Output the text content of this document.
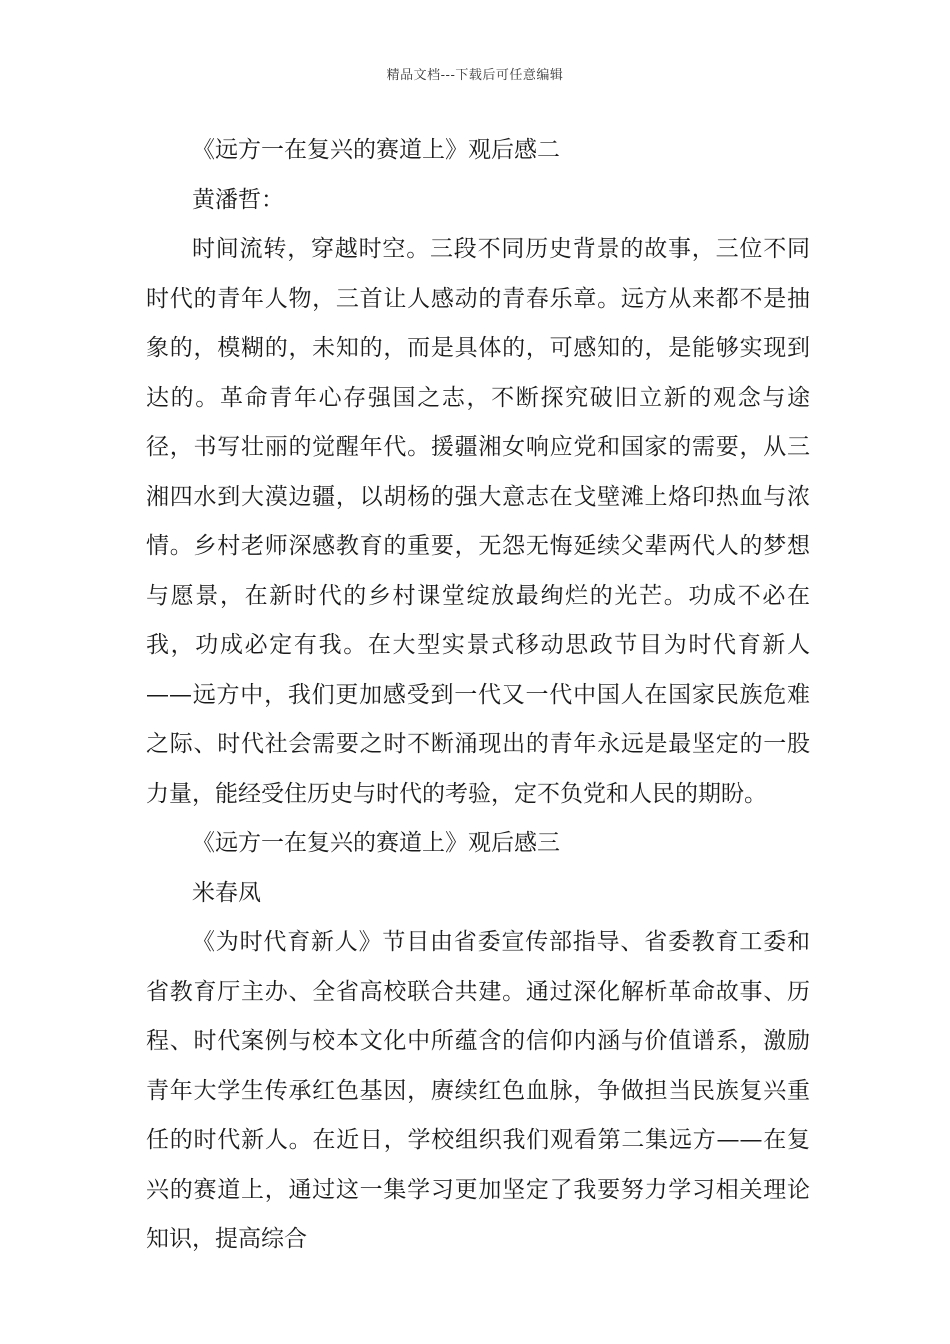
精品文档---下载后可任意编辑

《远方一在复兴的赛道上》观后感二

黄潘哲：

时间流转，穿越时空。三段不同历史背景的故事，三位不同时代的青年人物，三首让人感动的青春乐章。远方从来都不是抽象的，模糊的，未知的，而是具体的，可感知的，是能够实现到达的。革命青年心存强国之志，不断探究破旧立新的观念与途径，书写壮丽的觉醒年代。援疆湘女响应党和国家的需要，从三湘四水到大漠边疆，以胡杨的强大意志在戈壁滩上烙印热血与浓情。乡村老师深感教育的重要，无怨无悔延续父辈两代人的梦想与愿景，在新时代的乡村课堂绽放最绚烂的光芒。功成不必在我，功成必定有我。在大型实景式移动思政节目为时代育新人——远方中，我们更加感受到一代又一代中国人在国家民族危难之际、时代社会需要之时不断涌现出的青年永远是最坚定的一股力量，能经受住历史与时代的考验，定不负党和人民的期盼。

《远方一在复兴的赛道上》观后感三

米春凤

《为时代育新人》节目由省委宣传部指导、省委教育工委和省教育厅主办、全省高校联合共建。通过深化解析革命故事、历程、时代案例与校本文化中所蕴含的信仰内涵与价值谱系，激励青年大学生传承红色基因，赓续红色血脉，争做担当民族复兴重任的时代新人。在近日，学校组织我们观看第二集远方——在复兴的赛道上，通过这一集学习更加坚定了我要努力学习相关理论知识，提高综合
